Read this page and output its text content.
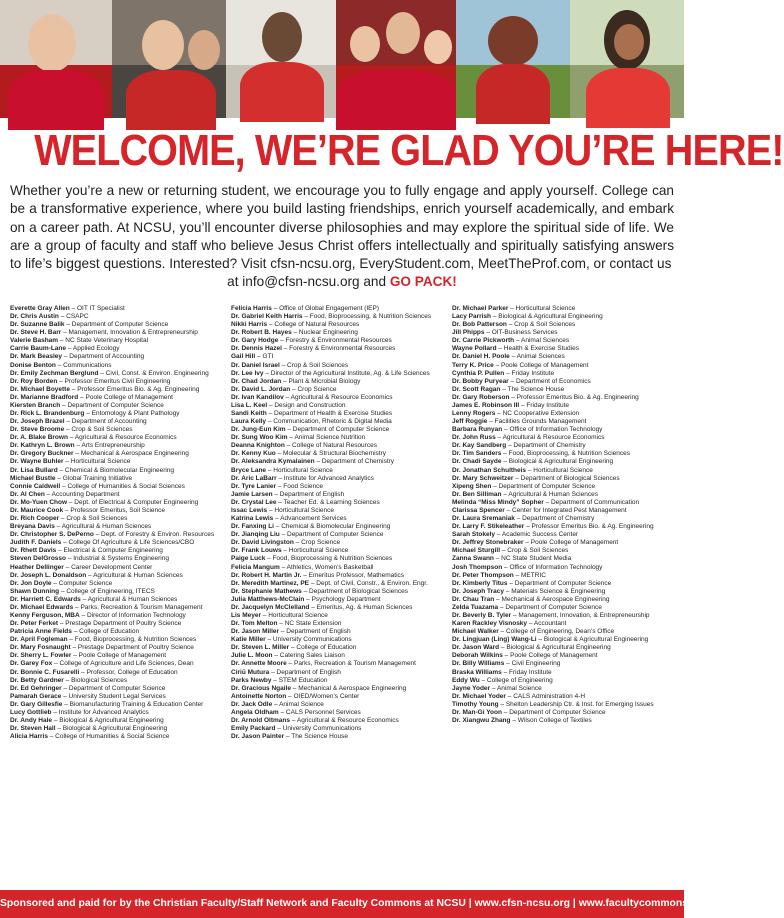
WELCOME, WE’RE GLAD YOU’RE HERE!
Whether you’re a new or returning student, we encourage you to fully engage and apply yourself. College can be a transformative experience, where you build lasting friendships, enrich yourself academically, and embark on a career path. At NCSU, you’ll encounter diverse philosophies and may explore the spiritual side of life. We are a group of faculty and staff who believe Jesus Christ offers intellectually and spiritually satisfying answers to life’s biggest questions. Interested? Visit cfsn-ncsu.org, EveryStudent.com, MeetTheProf.com, or contact us
at info@cfsn-ncsu.org and GO PACK!
Everette Gray Allen – OIT IT Specialist
Dr. Chris Austin – CSAPC
Dr. Suzanne Balik – Department of Computer Science
Dr. Steve H. Barr – Management, Innovation & Entrepreneurship
Valerie Basham – NC State Veterinary Hospital
Carrie Baum-Lane – Applied Ecology
Dr. Mark Beasley – Department of Accounting
Donise Benton – Communications
Dr. Emily Zechman Berglund – Civil, Const. & Environ. Engineering
Dr. Roy Borden – Professor Emeritus Civil Engineering
Dr. Michael Boyette – Professor Emeritus Bio. & Ag. Engineering
Dr. Marianne Bradford – Poole College of Management
Kiersten Branch – Department of Computer Science
Dr. Rick L. Brandenburg – Entomology & Plant Pathology
Dr. Joseph Brazel – Department of Accounting
Dr. Steve Broome – Crop & Soil Sciences
Dr. A. Blake Brown – Agricultural & Resource Economics
Dr. Kathryn L. Brown – Arts Entrepreneurship
Dr. Gregory Buckner – Mechanical & Aerospace Engineering
Dr. Wayne Buhler – Horticultural Science
Dr. Lisa Bullard – Chemical & Biomolecular Engineering
Michael Bustle – Global Training Initiative
Connie Caldwell – College of Humanities & Social Sciences
Dr. Al Chen – Accounting Department
Dr. Mo-Yuen Chow – Dept. of Electrical & Computer Engineering
Dr. Maurice Cook – Professor Emeritus, Soil Science
Dr. Rich Cooper – Crop & Soil Sciences
Breyana Davis – Agricultural & Human Sciences
Dr. Christopher S. DePerno – Dept. of Forestry & Environ. Resources
Judith F. Daniels – College Of Agriculture & Life Sciences/CBO
Dr. Rhett Davis – Electrical & Computer Engineering
Steven DelGrosso – Industrial & Systems Engineering
Heather Dellinger – Career Development Center
Dr. Joseph L. Donaldson – Agricultural & Human Sciences
Dr. Jon Doyle – Computer Science
Shawn Dunning – College of Engineering, ITECS
Dr. Harriett C. Edwards – Agricultural & Human Sciences
Dr. Michael Edwards – Parks, Recreation & Tourism Management
Kenny Ferguson, MBA – Director of Information Technology
Dr. Peter Ferket – Prestage Department of Poultry Science
Patricia Anne Fields – College of Education
Dr. April Fogleman – Food, Bioprocessing, & Nutrition Sciences
Dr. Mary Fosnaught – Prestage Department of Poultry Science
Dr. Sherry L. Fowler – Poole College of Management
Dr. Garey Fox – College of Agriculture and Life Sciences, Dean
Dr. Bonnie C. Fusarelli – Professor, College of Education
Dr. Betty Gardner – Biological Sciences
Dr. Ed Gehringer – Department of Computer Science
Pamarah Gerace – University Student Legal Services
Dr. Gary Gillesfie – Biomanufacturing Training & Education Center
Lucy Gottlieb – Institute for Advanced Analytics
Dr. Andy Hale – Biological & Agricultural Engineering
Dr. Steven Hall – Biological & Agricultural Engineering
Alicia Harris – College of Humanities & Social Science
Felicia Harris – Office of Global Engagement (IEP)
Dr. Gabriel Keith Harris – Food, Bioprocessing, & Nutrition Sciences
Nikki Harris – College of Natural Resources
Dr. Robert B. Hayes – Nuclear Engineering
Dr. Gary Hodge – Forestry & Environmental Resources
Dr. Dennis Hazel – Forestry & Environmental Resources
Gail Hill – GTI
Dr. Daniel Israel – Crop & Soil Sciences
Dr. Lee Ivy – Director of the Agricultural Institute, Ag. & Life Sciences
Dr. Chad Jordan – Plant & Microbial Biology
Dr. David L. Jordan – Crop Science
Dr. Ivan Kandilov – Agricultural & Resource Economics
Lisa L. Keel – Design and Construction
Sandi Keith – Department of Health & Exercise Studies
Laura Kelly – Communication, Rhetoric & Digital Media
Dr. Jung-Eun Kim – Department of Computer Science
Dr. Sung Woo Kim – Animal Science Nutrition
Deanna Knighton – College of Natural Resources
Dr. Kenny Kuo – Molecular & Structural Biochemistry
Dr. Aleksandra Kymalainen – Department of Chemistry
Bryce Lane – Horticultural Science
Dr. Aric LaBarr – Institute for Advanced Analytics
Dr. Tyre Lanier – Food Science
Jamie Larsen – Department of English
Dr. Crystal Lee – Teacher Ed. & Learning Sciences
Issac Lewis – Horticultural Science
Katrina Lewis – Advancement Services
Dr. Fanxing Li – Chemical & Biomolecular Engineering
Dr. Jianqing Liu – Department of Computer Science
Dr. David Livingston – Crop Science
Dr. Frank Louws – Horticultural Science
Paige Luck – Food, Bioprocessing & Nutrition Sciences
Felicia Mangum – Athletics, Women’s Basketball
Dr. Robert H. Martin Jr. – Emeritus Professor, Mathematics
Dr. Meredith Martinez, PE – Dept. of Civil, Constr., & Environ. Engr.
Dr. Stephanie Mathews – Department of Biological Sciences
Julia Matthews-McClain – Psychology Department
Dr. Jacquelyn McClelland – Emeritus, Ag. & Human Sciences
Lis Meyer – Horticultural Science
Dr. Tom Melton – NC State Extension
Dr. Jason Miller – Department of English
Katie Miller – University Communications
Dr. Steven L. Miller – College of Education
Julie L. Moon – Catering Sales Liaison
Dr. Annette Moore – Parks, Recreation & Tourism Management
Ciriū Mutura – Department of English
Parks Newby – STEM Education
Dr. Gracious Ngaile – Mechanical & Aerospace Engineering
Antoinette Norton – OIED/Women’s Center
Dr. Jack Odle – Animal Science
Angela Oldham – CALS Personnel Services
Dr. Arnold Oltmans – Agricultural & Resource Economics
Emily Packard – University Communications
Dr. Jason Painter – The Science House
Dr. Michael Parker – Horticultural Science
Lacy Parrish – Biological & Agricultural Engineering
Dr. Bob Patterson – Crop & Soil Sciences
Jill Phipps – OIT-Business Services
Dr. Carrie Pickworth – Animal Sciences
Wayne Pollard – Health & Exercise Studies
Dr. Daniel H. Poole – Animal Sciences
Terry K. Price – Poole College of Management
Cynthia P. Pullen – Friday Institute
Dr. Bobby Puryear – Department of Economics
Dr. Scott Ragan – The Science House
Dr. Gary Roberson – Professor Emeritus Bio. & Ag. Engineering
James E. Robinson III – Friday Institute
Lenny Rogers – NC Cooperative Extension
Jeff Roggie – Facilities Grounds Management
Barbara Runyan – Office of Information Technology
Dr. John Russ – Agricultural & Resource Economics
Dr. Kay Sandberg – Department of Chemistry
Dr. Tim Sanders – Food, Bioprocessing, & Nutrition Sciences
Dr. Chadi Sayde – Biological & Agricultural Engineering
Dr. Jonathan Schultheis – Horticultural Science
Dr. Mary Schweitzer – Department of Biological Sciences
Xipeng Shen – Department of Computer Science
Dr. Ben Silliman – Agricultural & Human Sciences
Melinda “Miss Mindy” Sopher – Department of Communication
Clarissa Spencer – Center for Integrated Pest Management
Dr. Laura Sremaniak – Department of Chemistry
Dr. Larry F. Stikeleather – Professor Emeritus Bio. & Ag. Engineering
Sarah Stokely – Academic Success Center
Dr. Jeffrey Stonebraker – Poole College of Management
Michael Sturgill – Crop & Soil Sciences
Zanna Swann – NC State Student Media
Josh Thompson – Office of Information Technology
Dr. Peter Thompson – METRIC
Dr. Kimberly Titus – Department of Computer Science
Dr. Joseph Tracy – Materials Science & Engineering
Dr. Chau Tran – Mechanical & Aerospace Engineering
Zelda Tuazama – Department of Computer Science
Dr. Beverly B. Tyler – Management, Innovation, & Entrepreneurship
Karen Rackley Visnosky – Accountant
Michael Walker – College of Engineering, Dean’s Office
Dr. Lingjuan (Ling) Wang-Li – Biological & Agricultural Engineering
Dr. Jason Ward – Biological & Agricultural Engineering
Deborah Wilkins – Poole College of Management
Dr. Billy Williams – Civil Engineering
Braska Williams – Friday Institute
Eddy Wu – College of Engineering
Jayne Yoder – Animal Science
Dr. Michael Yoder – CALS Administration 4-H
Timothy Young – Shelton Leadership Ctr. & Inst. for Emerging Issues
Dr. Man-Gi Yoon – Department of Computer Science
Dr. Xiangwu Zhang – Wilson College of Textiles
Sponsored and paid for by the Christian Faculty/Staff Network and Faculty Commons at NCSU | www.cfsn-ncsu.org | www.facultycommons.org
